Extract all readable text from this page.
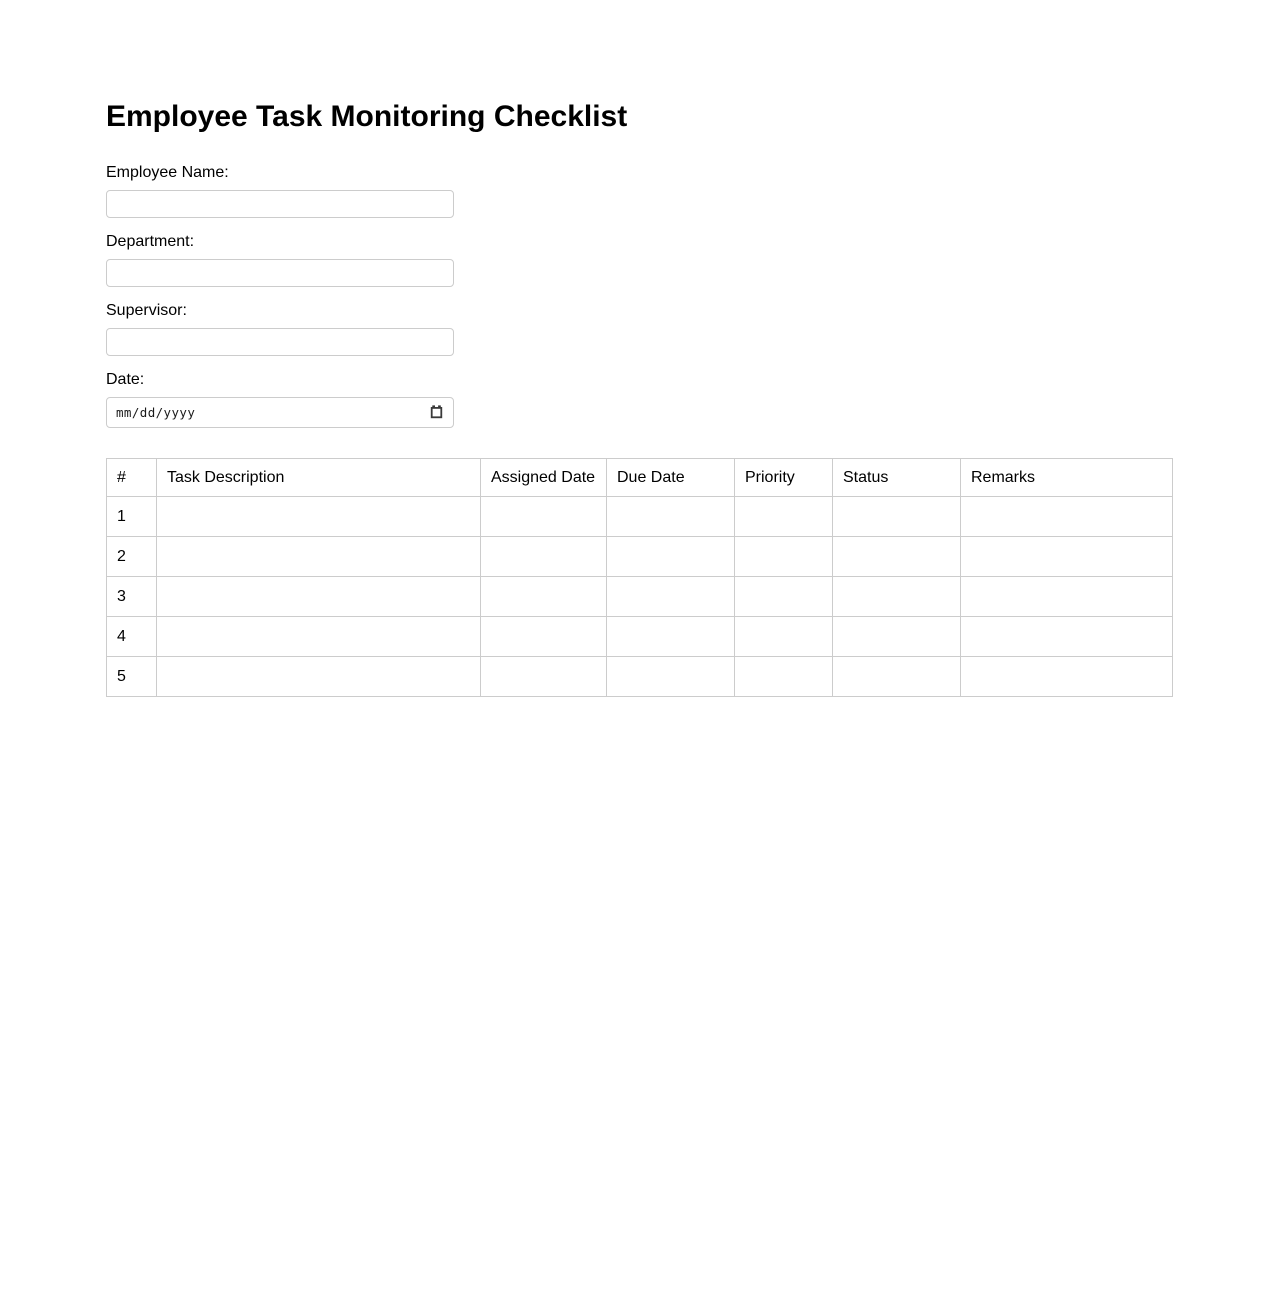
Employee Task Monitoring Checklist
Employee Name:
Department:
Supervisor:
Date:
mm/dd/yyyy
#	Task Description	Assigned Date	Due Date	Priority	Status	Remarks
1						
2						
3						
4						
5						
